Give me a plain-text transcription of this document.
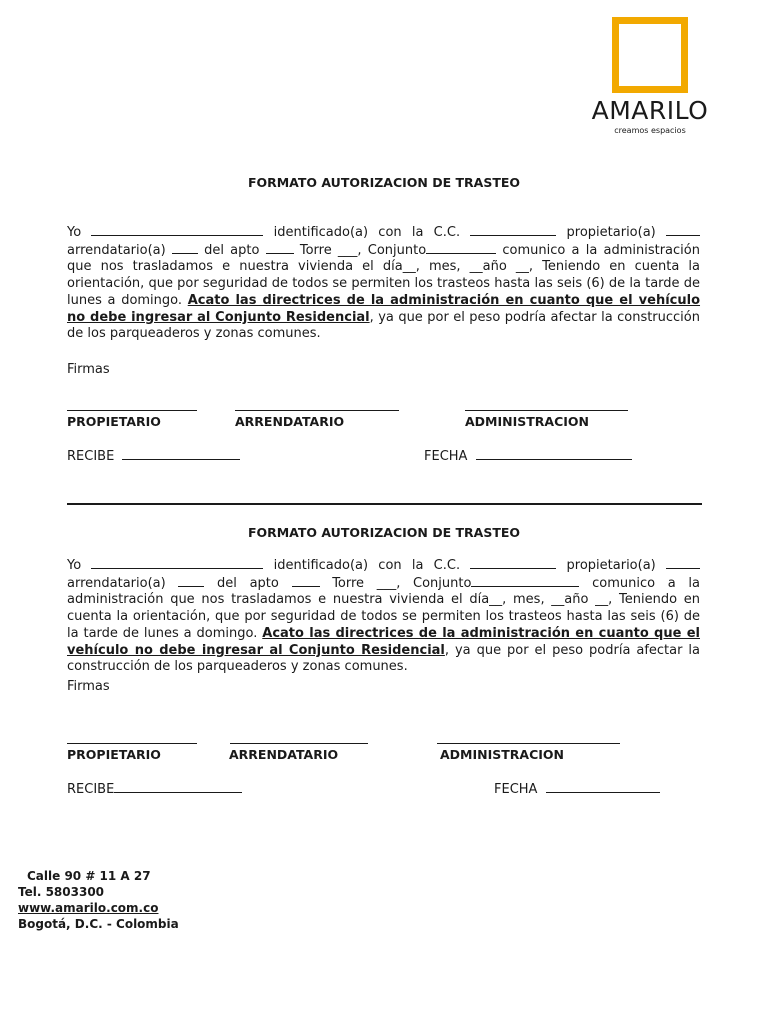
AMARILO
creamos espacios
FORMATO AUTORIZACION DE TRASTEO
Yo	identificado(a) con la C.C.	propietario(a)  arrendatario(a)  del apto  Torre ___, Conjunto	comunico a la administración que nos trasladamos e nuestra vivienda el día__, mes, __año __, Teniendo en cuenta la orientación, que por seguridad de todos se permiten los trasteos hasta las seis (6) de la tarde de lunes a domingo. Acato las directrices de la administración en cuanto que el vehículo no debe ingresar al Conjunto Residencial, ya que por el peso podría afectar la construcción de los parqueaderos y zonas comunes.
Firmas
PROPIETARIO	ARRENDATARIO	ADMINISTRACION
RECIBE	FECHA
FORMATO AUTORIZACION DE TRASTEO
Yo	identificado(a) con la C.C.	propietario(a)  arrendatario(a)  del apto  Torre ___, Conjunto	comunico a la administración que nos trasladamos e nuestra vivienda el día__, mes, __año __, Teniendo en cuenta la orientación, que por seguridad de todos se permiten los trasteos hasta las seis (6) de la tarde de lunes a domingo. Acato las directrices de la administración en cuanto que el vehículo no debe ingresar al Conjunto Residencial, ya que por el peso podría afectar la construcción de los parqueaderos y zonas comunes.
Firmas
PROPIETARIO	ARRENDATARIO	ADMINISTRACION
RECIBE	FECHA
Calle 90 # 11 A 27
Tel. 5803300
www.amarilo.com.co
Bogotá, D.C. - Colombia
